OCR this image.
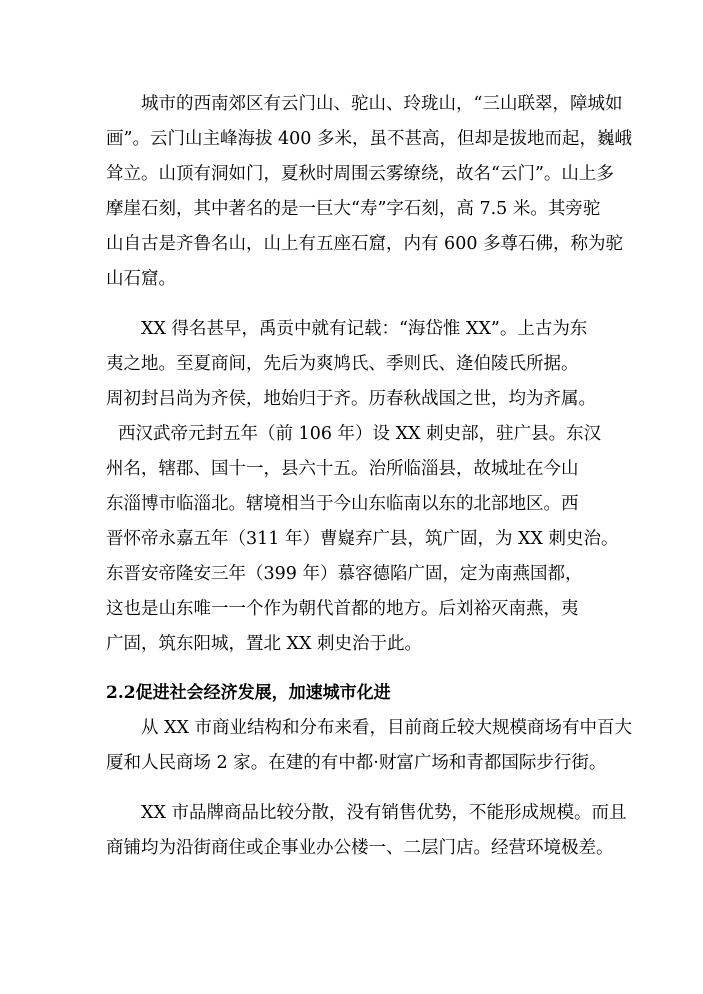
城市的西南郊区有云门山、驼山、玲珑山，“三山联翠，障城如
画”。云门山主峰海拔 400 多米，虽不甚高，但却是拔地而起，巍峨
耸立。山顶有洞如门，夏秋时周围云雾缭绕，故名“云门”。山上多
摩崖石刻，其中著名的是一巨大“寿”字石刻，高 7.5 米。其旁驼
山自古是齐鲁名山，山上有五座石窟，内有 600 多尊石佛，称为驼
山石窟。
XX 得名甚早，禹贡中就有记载：“海岱惟 XX”。上古为东
夷之地。至夏商间，先后为爽鸠氏、季则氏、逄伯陵氏所据。
周初封吕尚为齐侯，地始归于齐。历春秋战国之世，均为齐属。
西汉武帝元封五年（前 106 年）设 XX 刺史部，驻广县。东汉
州名，辖郡、国十一，县六十五。治所临淄县，故城址在今山
东淄博市临淄北。辖境相当于今山东临南以东的北部地区。西
晋怀帝永嘉五年（311 年）曹嶷弃广县，筑广固，为 XX 刺史治。
东晋安帝隆安三年（399 年）慕容德陷广固，定为南燕国都，
这也是山东唯一一个作为朝代首都的地方。后刘裕灭南燕，夷
广固，筑东阳城，置北 XX 刺史治于此。
2.2促进社会经济发展，加速城市化进
从 XX 市商业结构和分布来看，目前商丘较大规模商场有中百大
厦和人民商场 2 家。在建的有中都·财富广场和青都国际步行街。
XX 市品牌商品比较分散，没有销售优势，不能形成规模。而且
商铺均为沿街商住或企事业办公楼一、二层门店。经营环境极差。
